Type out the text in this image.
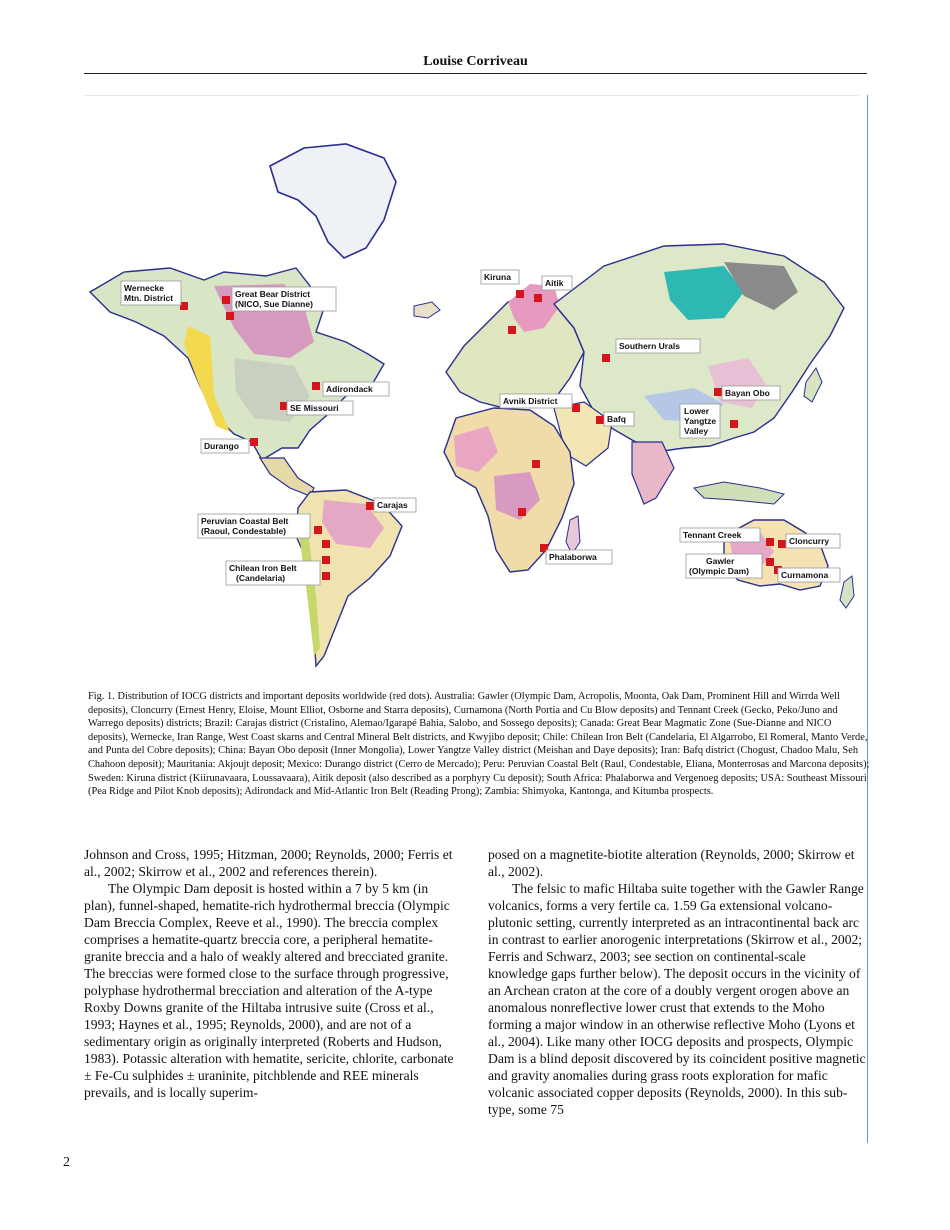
Louise Corriveau
Wernecke
Mtn. District	Great Bear District
(NICO, Sue Dianne)
Adirondack
SE Missouri
Durango
Carajas
Peruvian Coastal Belt
(Raoul, Condestable)
Chilean Iron Belt
(Candelaria)
Kiruna
Aitik
Southern Urals
Avnik District
Bafq
Bayan Obo
Lower
Yangtze
Valley
Phalaborwa
Tennant Creek
Cloncurry
Gawler
(Olympic Dam)	Curnamona
Fig. 1. Distribution of IOCG districts and important deposits worldwide (red dots). Australia: Gawler (Olympic Dam, Acropolis, Moonta, Oak Dam, Prominent Hill and Wirrda Well deposits), Cloncurry (Ernest Henry, Eloise, Mount Elliot, Osborne and Starra deposits), Curnamona (North Portia and Cu Blow deposits) and Tennant Creek (Gecko, Peko/Juno and Warrego deposits) districts; Brazil: Carajas district (Cristalino, Alemao/Igarapé Bahia, Salobo, and Sossego deposits); Canada: Great Bear Magmatic Zone (Sue-Dianne and NICO deposits), Wernecke, Iran Range, West Coast skarns and Central Mineral Belt districts, and Kwyjibo deposit; Chile: Chilean Iron Belt (Candelaria, El Algarrobo, El Romeral, Manto Verde, and Punta del Cobre deposits); China: Bayan Obo deposit (Inner Mongolia), Lower Yangtze Valley district (Meishan and Daye deposits); Iran: Bafq district (Chogust, Chadoo Malu, Seh Chahoon deposit); Mauritania: Akjoujt deposit; Mexico: Durango district (Cerro de Mercado); Peru: Peruvian Coastal Belt (Raul, Condestable, Eliana, Monterrosas and Marcona deposits); Sweden: Kiruna district (Kiirunavaara, Loussavaara), Aitik deposit (also described as a porphyry Cu deposit); South Africa: Phalaborwa and Vergenoeg deposits; USA: Southeast Missouri (Pea Ridge and Pilot Knob deposits); Adirondack and Mid-Atlantic Iron Belt (Reading Prong); Zambia: Shimyoka, Kantonga, and Kitumba prospects.

Johnson and Cross, 1995; Hitzman, 2000; Reynolds, 2000; Ferris et al., 2002; Skirrow et al., 2002 and references therein).

The Olympic Dam deposit is hosted within a 7 by 5 km (in plan), funnel-shaped, hematite-rich hydrothermal breccia (Olympic Dam Breccia Complex, Reeve et al., 1990). The breccia complex comprises a hematite-quartz breccia core, a peripheral hematite-granite breccia and a halo of weakly altered and brecciated granite. The breccias were formed close to the surface through progressive, polyphase hydrothermal brecciation and alteration of the A-type Roxby Downs granite of the Hiltaba intrusive suite (Cross et al., 1993; Haynes et al., 1995; Reynolds, 2000), and are not of a sedimentary origin as originally interpreted (Roberts and Hudson, 1983). Potassic alteration with hematite, sericite, chlorite, carbonate ± Fe-Cu sulphides ± uraninite, pitchblende and REE minerals prevails, and is locally superim-

posed on a magnetite-biotite alteration (Reynolds, 2000; Skirrow et al., 2002).

The felsic to mafic Hiltaba suite together with the Gawler Range volcanics, forms a very fertile ca. 1.59 Ga extensional volcano-plutonic setting, currently interpreted as an intracontinental back arc in contrast to earlier anorogenic interpretations (Skirrow et al., 2002; Ferris and Schwarz, 2003; see section on continental-scale knowledge gaps further below). The deposit occurs in the vicinity of an Archean craton at the core of a doubly vergent orogen above an anomalous nonreflective lower crust that extends to the Moho forming a major window in an otherwise reflective Moho (Lyons et al., 2004). Like many other IOCG deposits and prospects, Olympic Dam is a blind deposit discovered by its coincident positive magnetic and gravity anomalies during grass roots exploration for mafic volcanic associated copper deposits (Reynolds, 2000). In this sub-type, some 75

2
